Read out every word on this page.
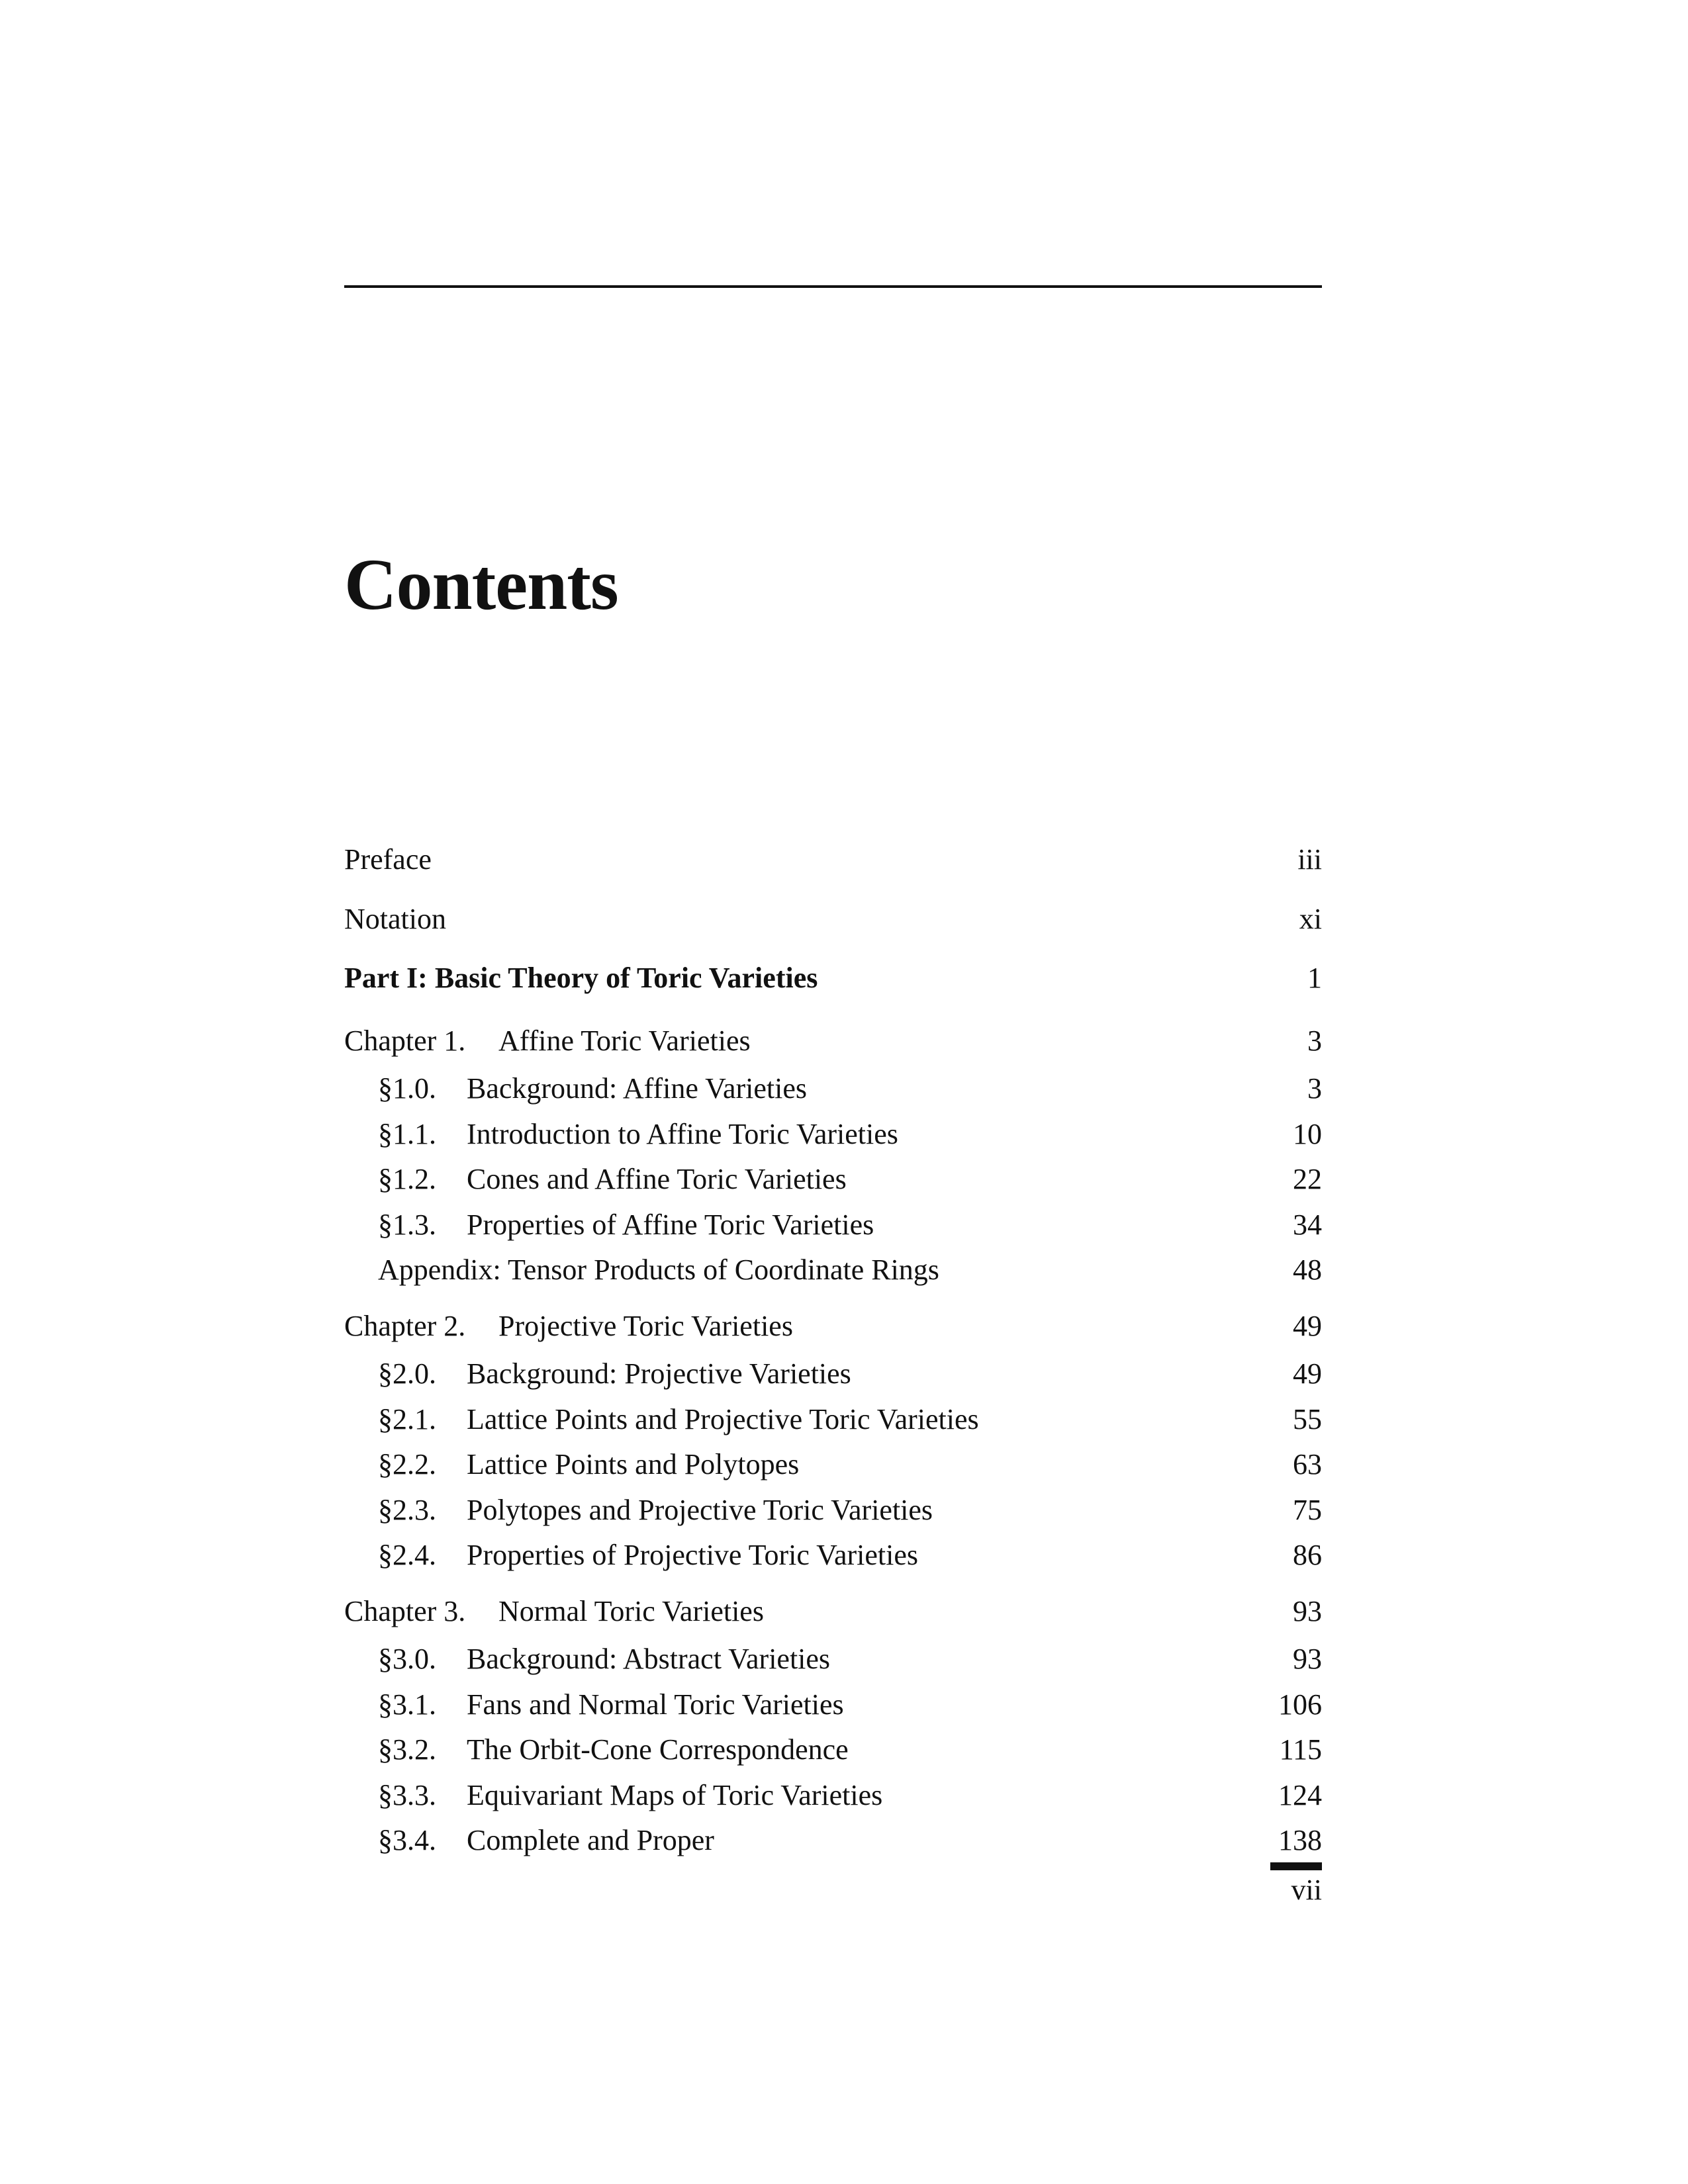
Contents
Preface	iii
Notation	xi
Part I: Basic Theory of Toric Varieties	1
Chapter 1. Affine Toric Varieties	3
§1.0. Background: Affine Varieties	3
§1.1. Introduction to Affine Toric Varieties	10
§1.2. Cones and Affine Toric Varieties	22
§1.3. Properties of Affine Toric Varieties	34
Appendix: Tensor Products of Coordinate Rings	48
Chapter 2. Projective Toric Varieties	49
§2.0. Background: Projective Varieties	49
§2.1. Lattice Points and Projective Toric Varieties	55
§2.2. Lattice Points and Polytopes	63
§2.3. Polytopes and Projective Toric Varieties	75
§2.4. Properties of Projective Toric Varieties	86
Chapter 3. Normal Toric Varieties	93
§3.0. Background: Abstract Varieties	93
§3.1. Fans and Normal Toric Varieties	106
§3.2. The Orbit-Cone Correspondence	115
§3.3. Equivariant Maps of Toric Varieties	124
§3.4. Complete and Proper	138
vii
